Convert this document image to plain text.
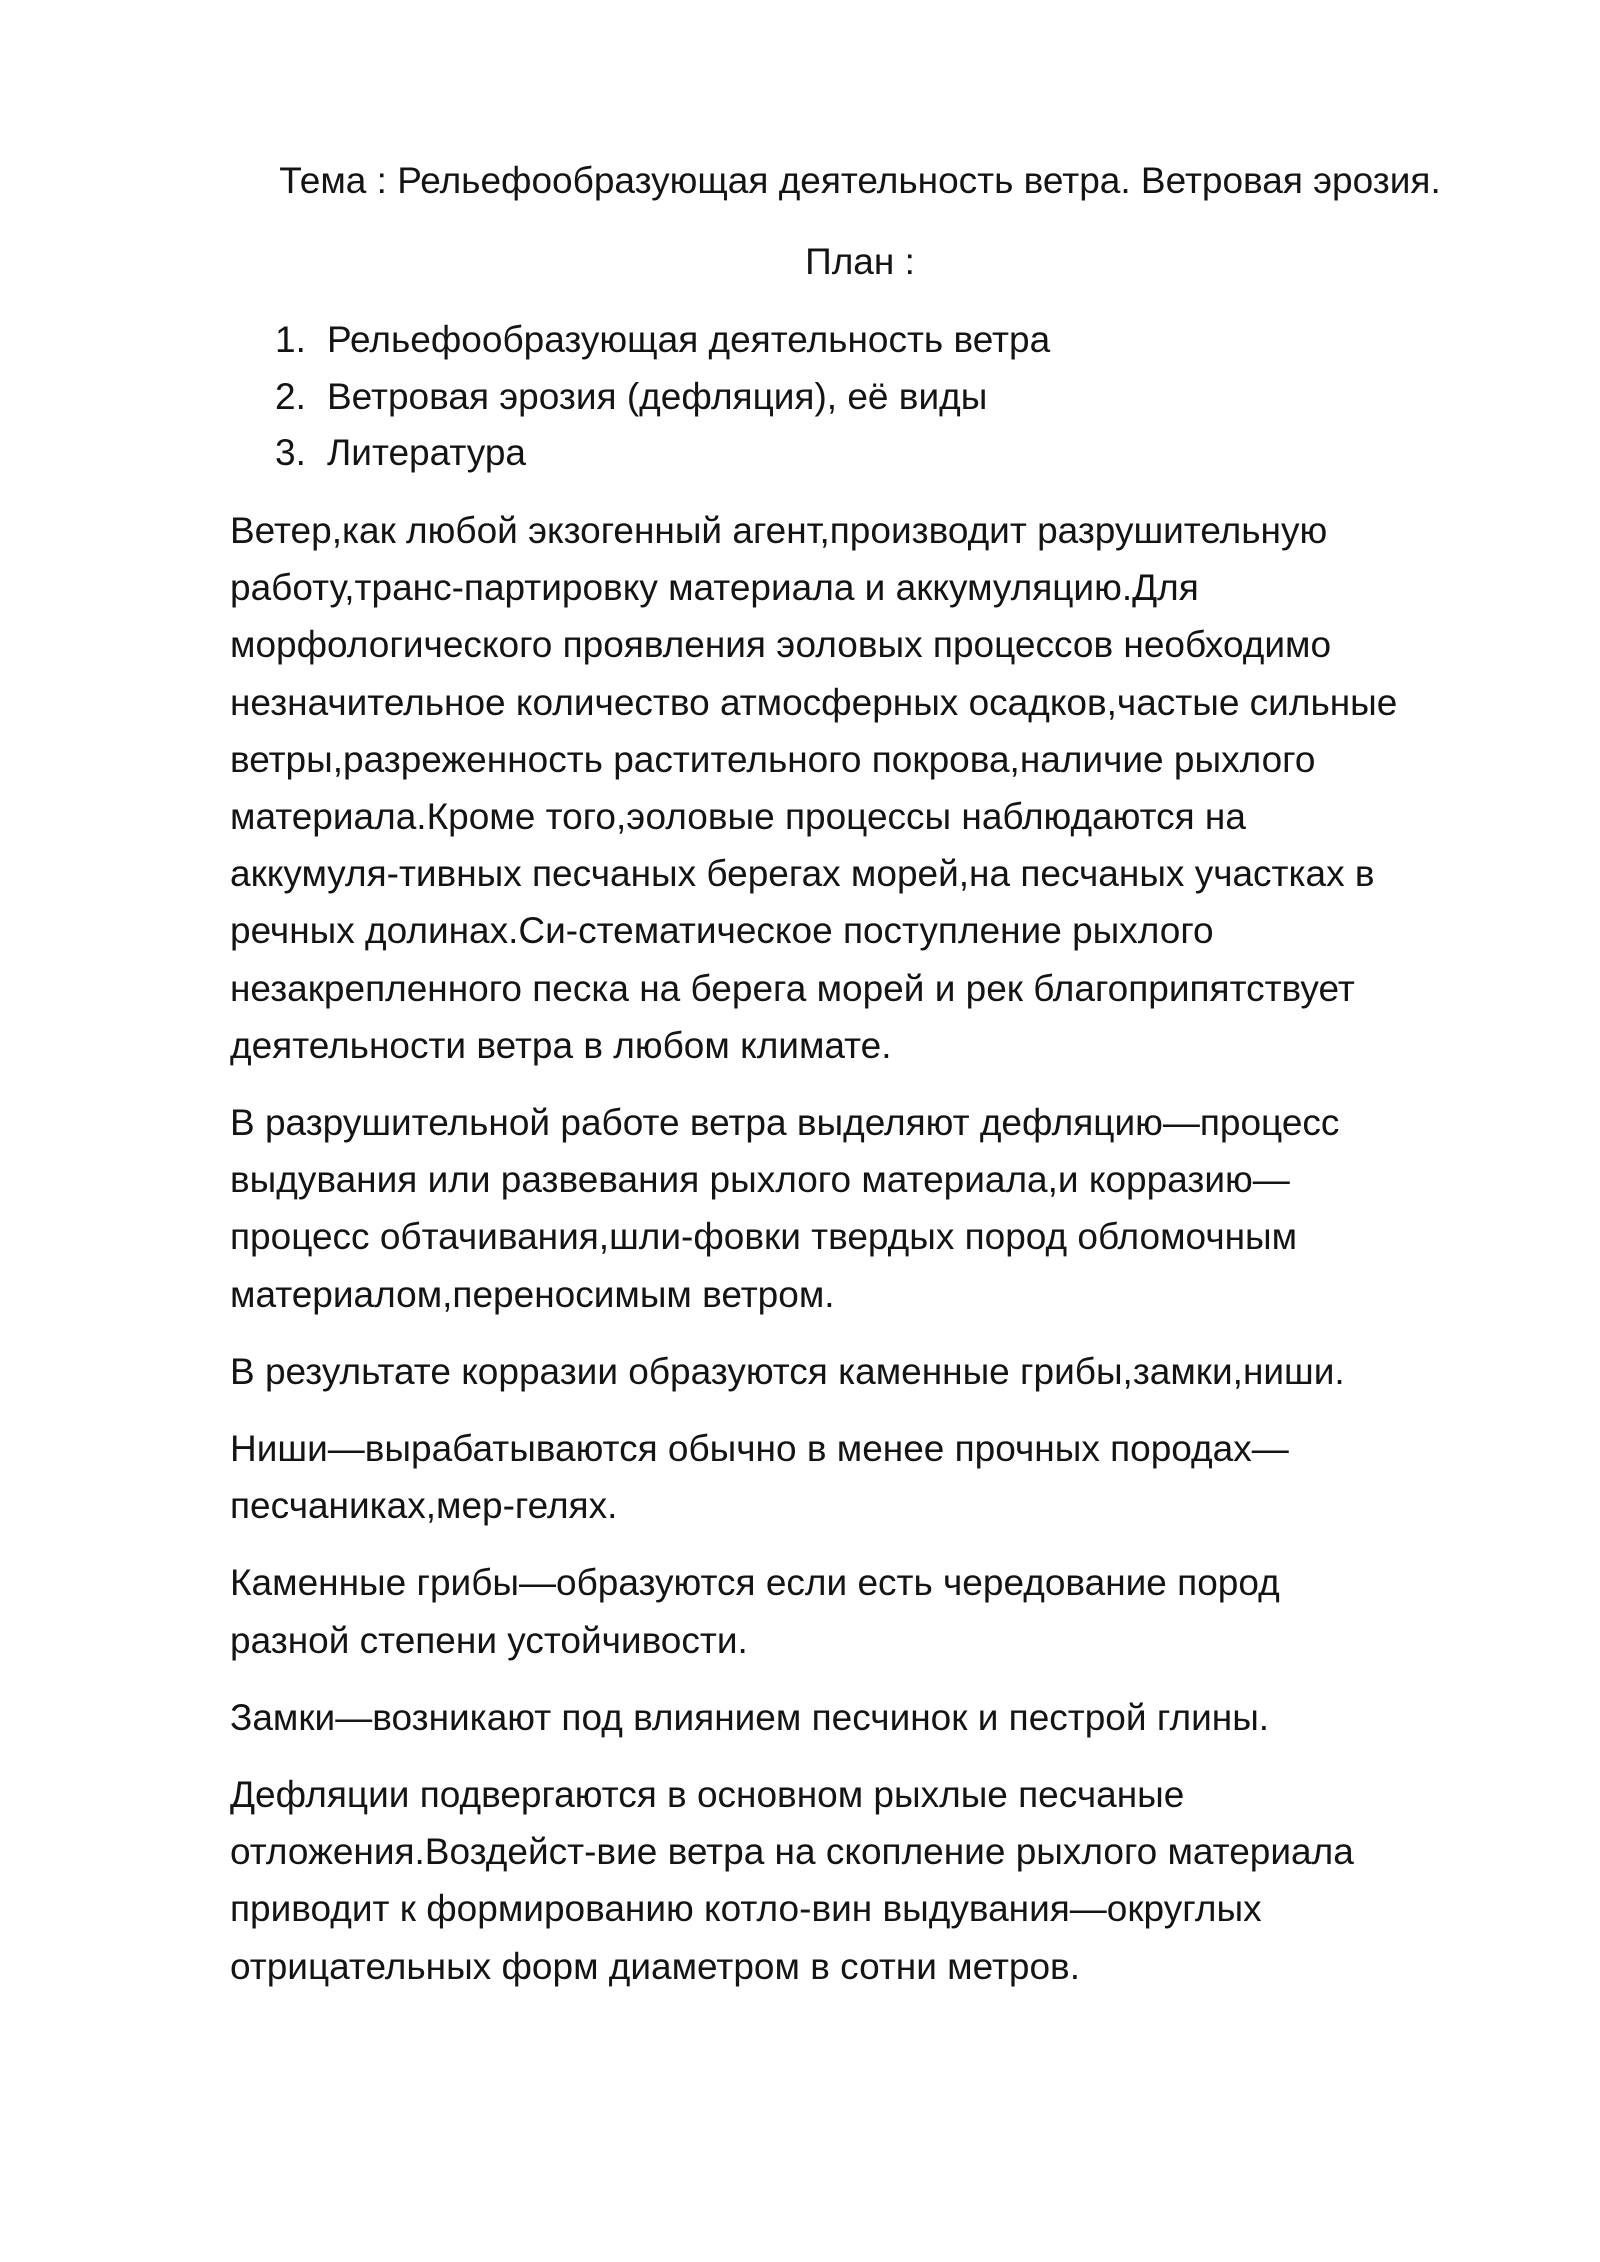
Тема : Рельефообразующая деятельность ветра. Ветровая эрозия.
План :
1. Рельефообразующая деятельность ветра
2. Ветровая эрозия (дефляция), её виды
3. Литература

Ветер,как любой экзогенный агент,производит разрушительную
работу,транс-партировку материала и аккумуляцию.Для
морфологического проявления эоловых процессов необходимо
незначительное количество атмосферных осадков,частые сильные
ветры,разреженность растительного покрова,наличие рыхлого
материала.Кроме того,эоловые процессы наблюдаются на
аккумуля-тивных песчаных берегах морей,на песчаных участках в
речных долинах.Си-стематическое поступление рыхлого
незакрепленного песка на берега морей и рек благоприпятствует
деятельности ветра в любом климате.

В разрушительной работе ветра выделяют дефляцию—процесс
выдувания или развевания рыхлого материала,и корразию—
процесс обтачивания,шли-фовки твердых пород обломочным
материалом,переносимым ветром.

В результате корразии образуются каменные грибы,замки,ниши.

Ниши—вырабатываются обычно в менее прочных породах—
песчаниках,мер-гелях.

Каменные грибы—образуются если есть чередование пород
разной степени устойчивости.

Замки—возникают под влиянием песчинок и пестрой глины.

Дефляции подвергаются в основном рыхлые песчаные
отложения.Воздейст-вие ветра на скопление рыхлого материала
приводит к формированию котло-вин выдувания—округлых
отрицательных форм диаметром в сотни метров.
